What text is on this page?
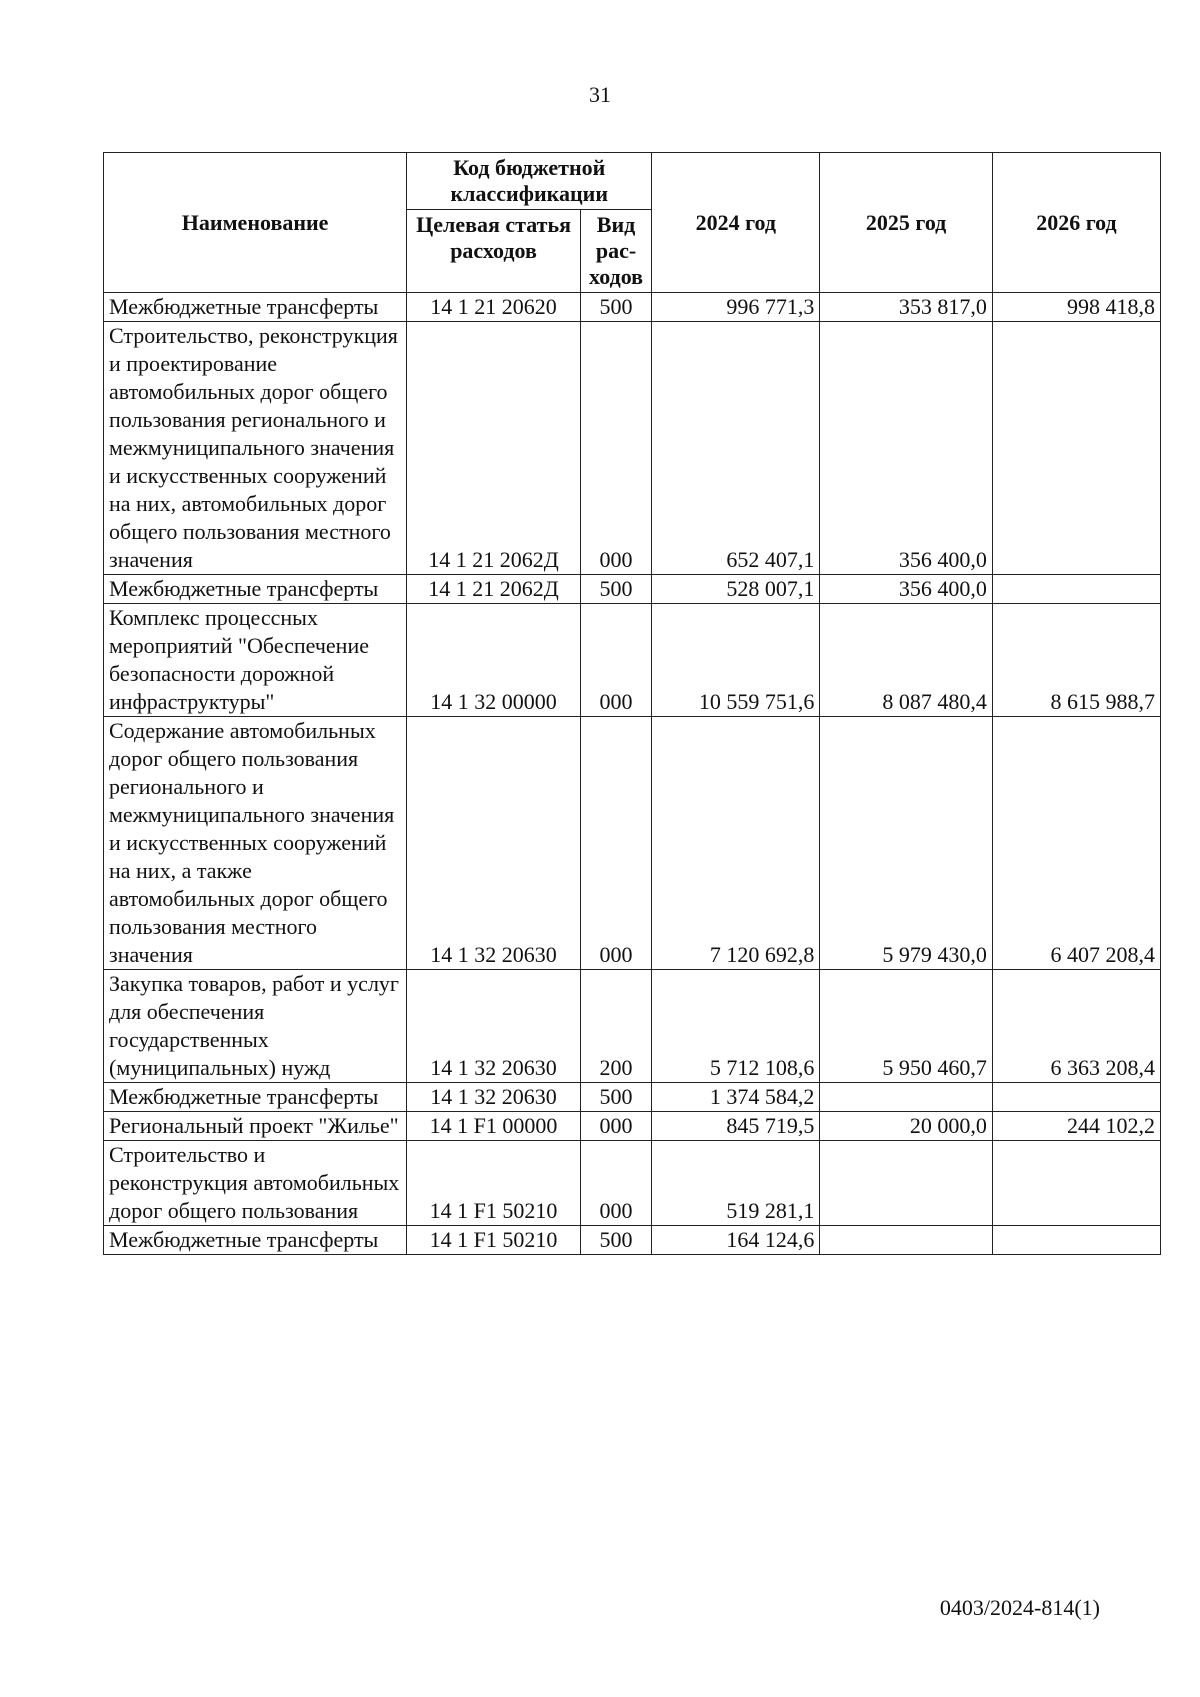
31
Наименование	Код бюджетной классификации		2024 год	2025 год	2026 год
	Целевая статья расходов	Вид рас-ходов			
Межбюджетные трансферты	14 1 21 20620	500	996 771,3	353 817,0	998 418,8
Строительство, реконструкция и проектирование автомобильных дорог общего пользования регионального и межмуниципального значения и искусственных сооружений на них, автомобильных дорог общего пользования местного значения	14 1 21 2062Д	000	652 407,1	356 400,0	
Межбюджетные трансферты	14 1 21 2062Д	500	528 007,1	356 400,0	
Комплекс процессных мероприятий "Обеспечение безопасности дорожной инфраструктуры"	14 1 32 00000	000	10 559 751,6	8 087 480,4	8 615 988,7
Содержание автомобильных дорог общего пользования регионального и межмуниципального значения и искусственных сооружений на них, а также автомобильных дорог общего пользования местного значения	14 1 32 20630	000	7 120 692,8	5 979 430,0	6 407 208,4
Закупка товаров, работ и услуг для обеспечения государственных (муниципальных) нужд	14 1 32 20630	200	5 712 108,6	5 950 460,7	6 363 208,4
Межбюджетные трансферты	14 1 32 20630	500	1 374 584,2		
Региональный проект "Жилье"	14 1 F1 00000	000	845 719,5	20 000,0	244 102,2
Строительство и реконструкция автомобильных дорог общего пользования	14 1 F1 50210	000	519 281,1		
Межбюджетные трансферты	14 1 F1 50210	500	164 124,6		
0403/2024-814(1)
